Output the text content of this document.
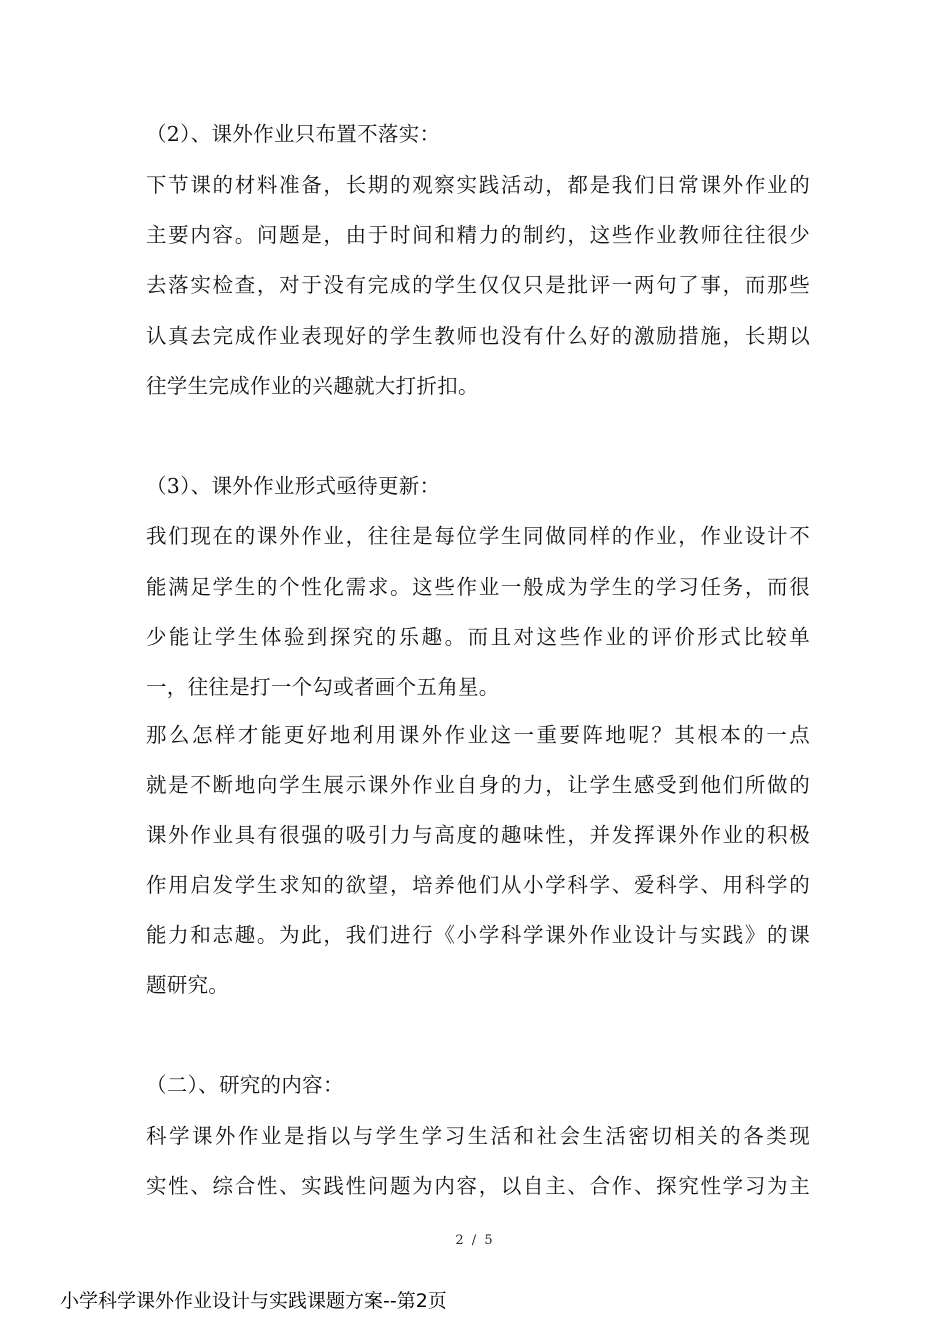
（2）、课外作业只布置不落实：
下节课的材料准备，长期的观察实践活动，都是我们日常课外作业的
主要内容。问题是，由于时间和精力的制约，这些作业教师往往很少
去落实检查，对于没有完成的学生仅仅只是批评一两句了事，而那些
认真去完成作业表现好的学生教师也没有什么好的激励措施，长期以
往学生完成作业的兴趣就大打折扣。
（3）、课外作业形式亟待更新：
我们现在的课外作业，往往是每位学生同做同样的作业，作业设计不
能满足学生的个性化需求。这些作业一般成为学生的学习任务，而很
少能让学生体验到探究的乐趣。而且对这些作业的评价形式比较单
一，往往是打一个勾或者画个五角星。
那么怎样才能更好地利用课外作业这一重要阵地呢？其根本的一点
就是不断地向学生展示课外作业自身的力，让学生感受到他们所做的
课外作业具有很强的吸引力与高度的趣味性，并发挥课外作业的积极
作用启发学生求知的欲望，培养他们从小学科学、爱科学、用科学的
能力和志趣。为此，我们进行《小学科学课外作业设计与实践》的课
题研究。
（二）、研究的内容：
科学课外作业是指以与学生学习生活和社会生活密切相关的各类现
实性、综合性、实践性问题为内容，以自主、合作、探究性学习为主
2 / 5
小学科学课外作业设计与实践课题方案--第2页
